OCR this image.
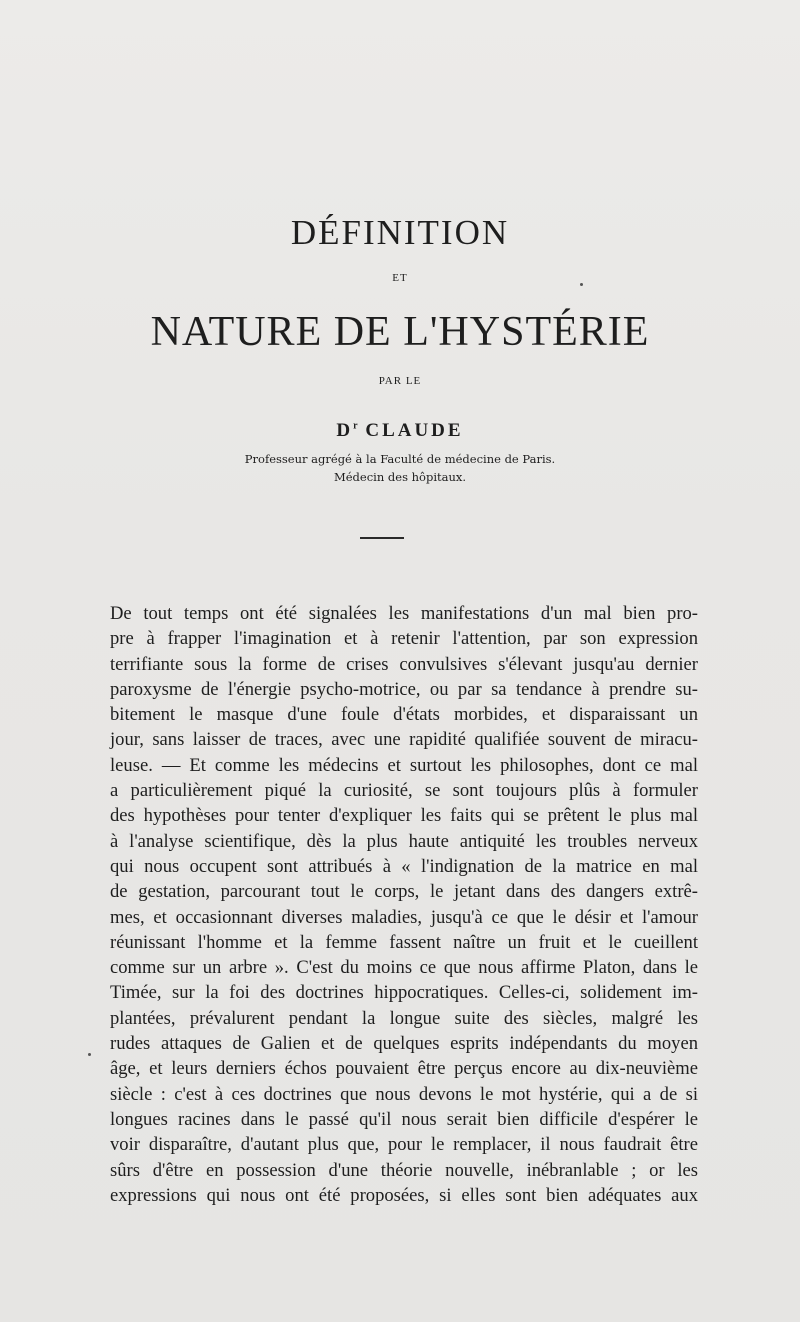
DÉFINITION
ET
NATURE DE L'HYSTÉRIE
PAR LE
$D^r$ CLAUDE
Professeur agrégé à la Faculté de médecine de Paris.
Médecin des hôpitaux.
De tout temps ont été signalées les manifestations d'un mal bien pro-
pre à frapper l'imagination et à retenir l'attention, par son expression
terrifiante sous la forme de crises convulsives s'élevant jusqu'au dernier
paroxysme de l'énergie psycho-motrice, ou par sa tendance à prendre su-
bitement le masque d'une foule d'états morbides, et disparaissant un
jour, sans laisser de traces, avec une rapidité qualifiée souvent de miracu-
leuse. — Et comme les médecins et surtout les philosophes, dont ce mal
a particulièrement piqué la curiosité, se sont toujours plûs à formuler
des hypothèses pour tenter d'expliquer les faits qui se prêtent le plus mal
à l'analyse scientifique, dès la plus haute antiquité les troubles nerveux
qui nous occupent sont attribués à « l'indignation de la matrice en mal
de gestation, parcourant tout le corps, le jetant dans des dangers extrê-
mes, et occasionnant diverses maladies, jusqu'à ce que le désir et l'amour
réunissant l'homme et la femme fassent naître un fruit et le cueillent
comme sur un arbre ». C'est du moins ce que nous affirme Platon, dans le
Timée, sur la foi des doctrines hippocratiques. Celles-ci, solidement im-
plantées, prévalurent pendant la longue suite des siècles, malgré les
rudes attaques de Galien et de quelques esprits indépendants du moyen
âge, et leurs derniers échos pouvaient être perçus encore au dix-neuvième
siècle : c'est à ces doctrines que nous devons le mot hystérie, qui a de si
longues racines dans le passé qu'il nous serait bien difficile d'espérer le
voir disparaître, d'autant plus que, pour le remplacer, il nous faudrait être
sûrs d'être en possession d'une théorie nouvelle, inébranlable ; or les
expressions qui nous ont été proposées, si elles sont bien adéquates aux
